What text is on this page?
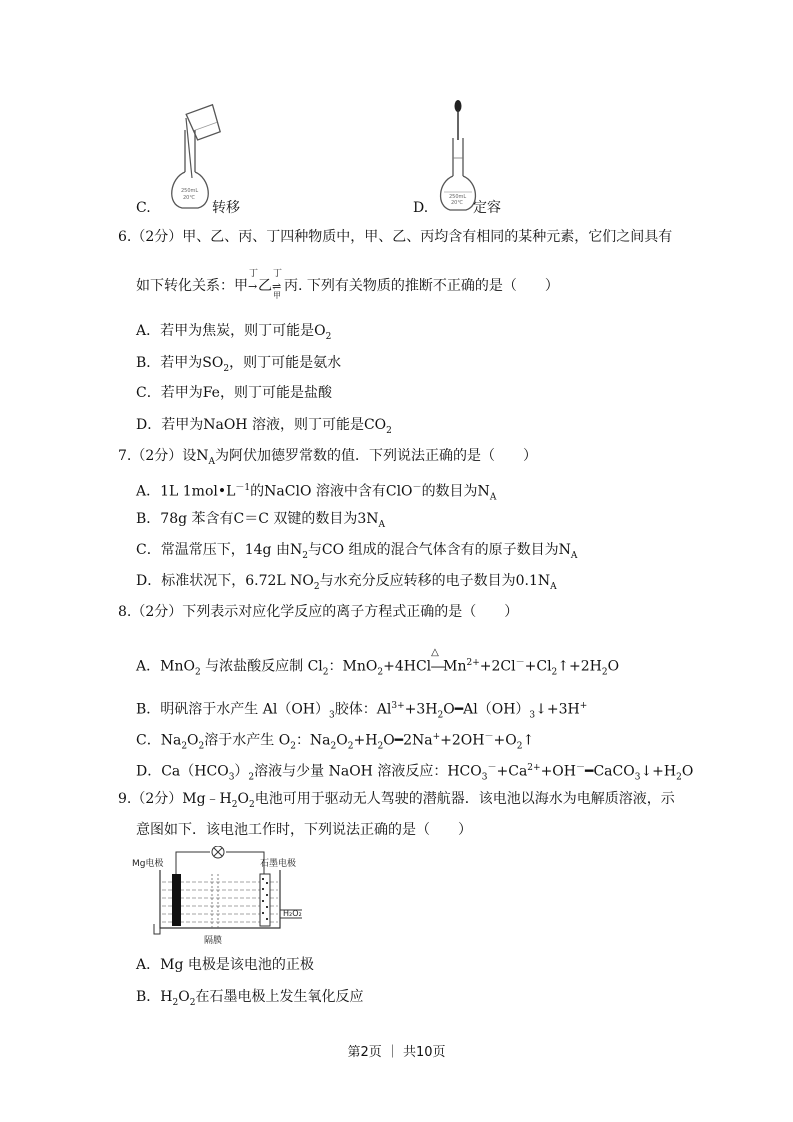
250mL
20℃
C.	转移
250mL
20℃
D.	定容
6.（2分）甲、乙、丙、丁四种物质中，甲、乙、丙均含有相同的某种元素，它们之间具有
如下转化关系：甲
丁
→乙
丁
⇌
甲
丙. 下列有关物质的推断不正确的是（　　）
A．若甲为焦炭，则丁可能是$O_2$
B．若甲为$SO_2$，则丁可能是氨水
C．若甲为Fe，则丁可能是盐酸
D．若甲为NaOH 溶液，则丁可能是$CO_2$
7.（2分）设$N_A$为阿伏加德罗常数的值．下列说法正确的是（　　）
A．1L $1mol•L^{-1}$的NaClO 溶液中含有ClO－的数目为$N_A$
B．78g 苯含有C＝C 双键的数目为$3N_A$
C．常温常压下，14g 由$N_2$与CO 组成的混合气体含有的原子数目为$N_A$
D．标准状况下，6.72L $NO_2$与水充分反应转移的电子数目为$0.1N_A$
8.（2分）下列表示对应化学反应的离子方程式正确的是（　　）
A．MnO$_2$ 与浓盐酸反应制 $Cl_2$：MnO$_2$+4HCl
△
$―Mn^{2+}+2Cl^-+Cl_2↑+2H_2O$
B．明矾溶于水产生 $Al(OH)_3$胶体：$Al^{3+}+3H_2O━Al(OH)_3↓+3H^+$
C．$Na_2O_2$溶于水产生 $O_2$：$Na_2O_2+H_2O━2Na^++2OH^-+O_2↑$
D．$Ca(HCO_3)_2$溶液与少量 NaOH 溶液反应：$HCO_3^-+Ca^{2+}+OH^-━CaCO_3↓+H_2O$
9.（2分）$Mg﹣H_2O_2$电池可用于驱动无人驾驶的潜航器．该电池以海水为电解质溶液，示
意图如下．该电池工作时，下列说法正确的是（　　）
Mg电极	石墨电极
H₂O₂
隔膜
A．Mg 电极是该电池的正极
B．$H_2O_2$在石墨电极上发生氧化反应
第2页 ｜ 共10页
